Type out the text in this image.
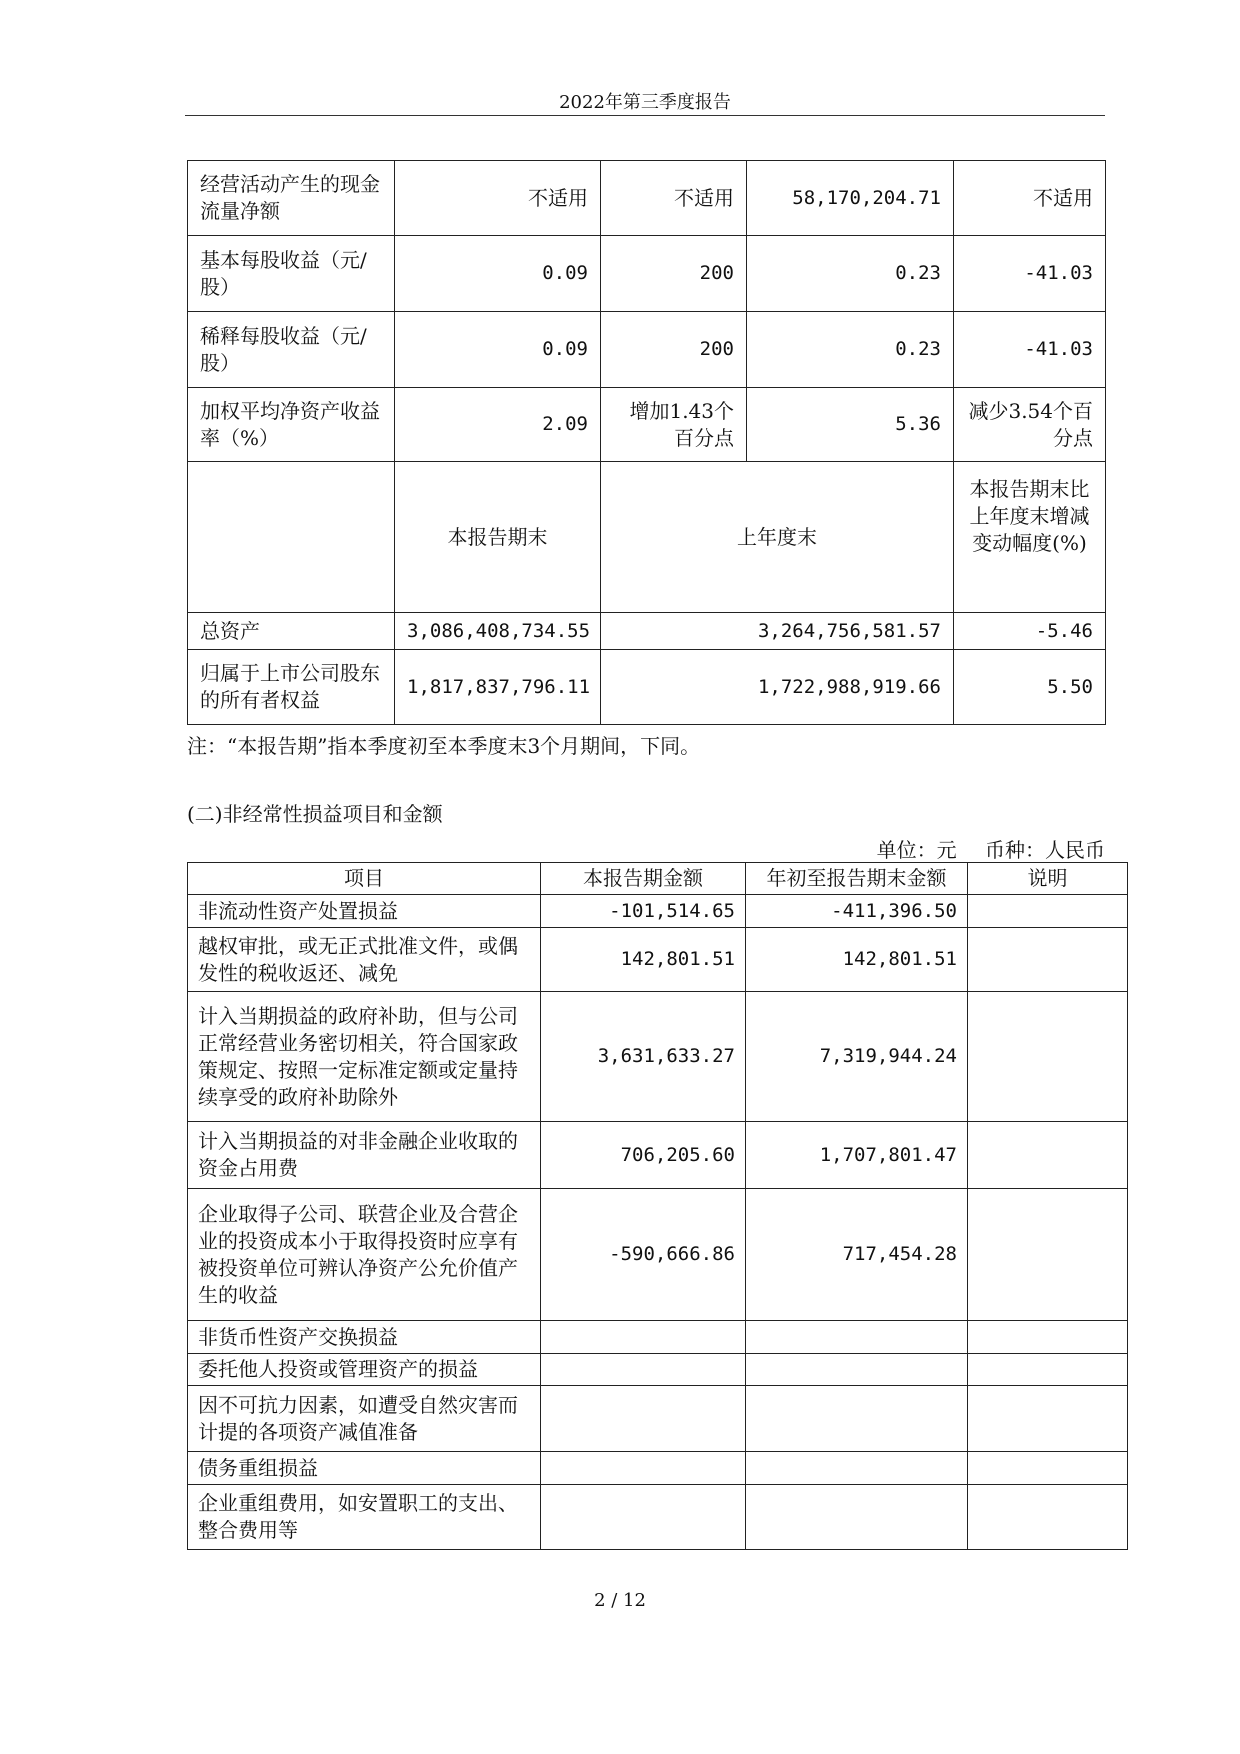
2022年第三季度报告
经营活动产生的现金流量净额	不适用	不适用	58,170,204.71	不适用
基本每股收益（元/股）	0.09	200	0.23	-41.03
稀释每股收益（元/股）	0.09	200	0.23	-41.03
加权平均净资产收益率（%）	2.09	增加1.43个百分点	5.36	减少3.54个百分点
	本报告期末	上年度末		本报告期末比上年度末增减变动幅度(%)
总资产	3,086,408,734.55	3,264,756,581.57		-5.46
归属于上市公司股东的所有者权益	1,817,837,796.11	1,722,988,919.66		5.50
注：“本报告期”指本季度初至本季度末3个月期间，下同。
(二)非经常性损益项目和金额
单位：元 币种：人民币
项目	本报告期金额	年初至报告期末金额	说明
非流动性资产处置损益	-101,514.65	-411,396.50	
越权审批，或无正式批准文件，或偶发性的税收返还、减免	142,801.51	142,801.51	
计入当期损益的政府补助，但与公司正常经营业务密切相关，符合国家政策规定、按照一定标准定额或定量持续享受的政府补助除外	3,631,633.27	7,319,944.24	
计入当期损益的对非金融企业收取的资金占用费	706,205.60	1,707,801.47	
企业取得子公司、联营企业及合营企业的投资成本小于取得投资时应享有被投资单位可辨认净资产公允价值产生的收益	-590,666.86	717,454.28	
非货币性资产交换损益			
委托他人投资或管理资产的损益			
因不可抗力因素，如遭受自然灾害而计提的各项资产减值准备			
债务重组损益			
企业重组费用，如安置职工的支出、整合费用等			
2 / 12
